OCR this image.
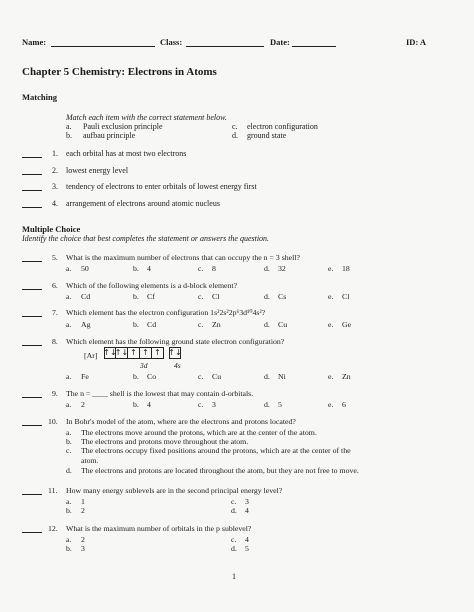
Name:	Class:	Date:	ID: A
Chapter 5 Chemistry: Electrons in Atoms
Matching
Match each item with the correct statement below.
a. Pauli exclusion principle
b. aufbau principle
c. electron configuration
d. ground state
1. each orbital has at most two electrons
2. lowest energy level
3. tendency of electrons to enter orbitals of lowest energy first
4. arrangement of electrons around atomic nucleus
Multiple Choice
Identify the choice that best completes the statement or answers the question.
5. What is the maximum number of electrons that can occupy the n = 3 shell?
a. 50	b. 4	c. 8	d. 32	e. 18
6. Which of the following elements is a d-block element?
a. Cd	b. Cf	c. Cl	d. Cs	e. Cl
7. Which element has the electron configuration 1s²2s²2p⁶3d¹⁰4s²?
a. Ag	b. Cd	c. Zn	d. Cu	e. Ge
8. Which element has the following ground state electron configuration?
[Ar] ↑↓
↑↓ ↑ ↑ ↑ ↑↓
3d	4s
a. Fe	b. Co	c. Cu	d. Ni	e. Zn
9. The n = ____ shell is the lowest that may contain d-orbitals.
a. 2	b. 4	c. 3	d. 5	e. 6
10. In Bohr's model of the atom, where are the electrons and protons located?
a. The electrons move around the protons, which are at the center of the atom.
b. The electrons and protons move throughout the atom.
c. The electrons occupy fixed positions around the protons, which are at the center of the
atom.
d. The electrons and protons are located throughout the atom, but they are not free to move.
11. How many energy sublevels are in the second principal energy level?
a. 1
b. 2
c. 3
d. 4
12. What is the maximum number of orbitals in the p sublevel?
a. 2
b. 3
c. 4
d. 5
1
